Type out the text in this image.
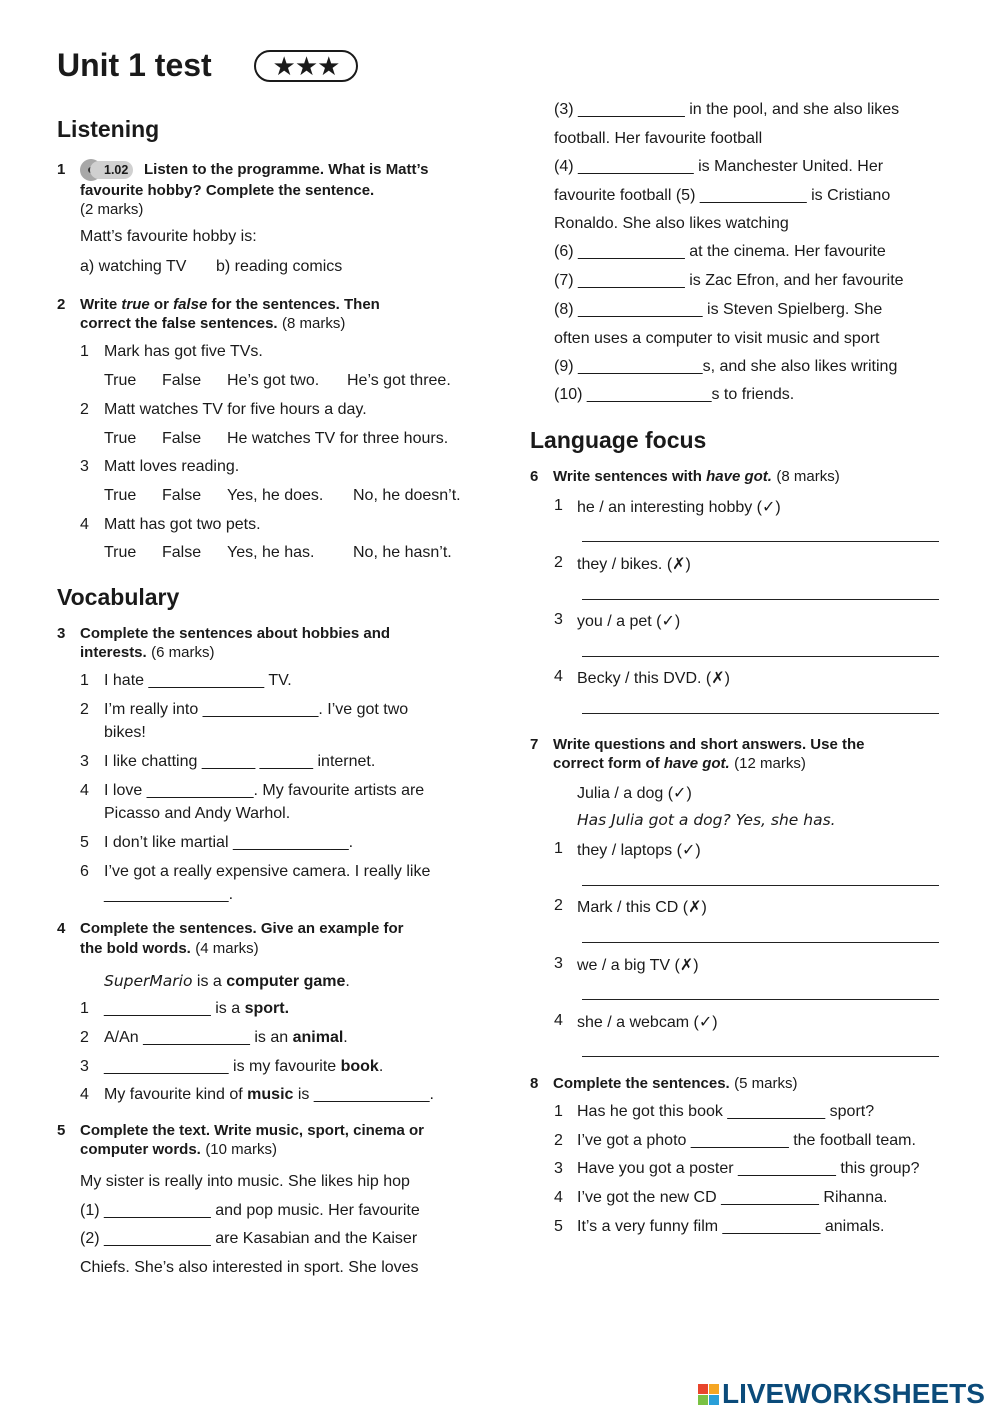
Unit 1 test	★★★
Listening
1	1.02	Listen to the programme. What is Matt’s
favourite hobby? Complete the sentence.
(2 marks)
Matt’s favourite hobby is:
a) watching TV b) reading comics
2 Write true or false for the sentences. Then
correct the false sentences. (8 marks)
1 Mark has got five TVs.
True False He’s got two. He’s got three.
2 Matt watches TV for five hours a day.
True False He watches TV for three hours.
3 Matt loves reading.
True False Yes, he does. No, he doesn’t.
4 Matt has got two pets.
True False Yes, he has. No, he hasn’t.
Vocabulary
3 Complete the sentences about hobbies and
interests. (6 marks)
1 I hate _____________ TV.
2 I’m really into _____________. I’ve got two
bikes!
3 I like chatting ______ ______ internet.
4 I love ____________. My favourite artists are
Picasso and Andy Warhol.
5 I don’t like martial _____________.
6 I’ve got a really expensive camera. I really like
______________.
4 Complete the sentences. Give an example for
the bold words. (4 marks)
SuperMario is a computer game.
1 ____________ is a sport.
2 A/An ____________ is an animal.
3 ______________ is my favourite book.
4 My favourite kind of music is _____________.
5 Complete the text. Write music, sport, cinema or
computer words. (10 marks)
My sister is really into music. She likes hip hop
(1) ____________ and pop music. Her favourite
(2) ____________ are Kasabian and the Kaiser
Chiefs. She’s also interested in sport. She loves
(3) ____________ in the pool, and she also likes
football. Her favourite football
(4) _____________ is Manchester United. Her
favourite football (5) ____________ is Cristiano
Ronaldo. She also likes watching
(6) ____________ at the cinema. Her favourite
(7) ____________ is Zac Efron, and her favourite
(8) ______________ is Steven Spielberg. She
often uses a computer to visit music and sport
(9) ______________s, and she also likes writing
(10) ______________s to friends.
Language focus
6 Write sentences with have got. (8 marks)
1 he / an interesting hobby (✓)
2 they / bikes. (✗)
3 you / a pet (✓)
4 Becky / this DVD. (✗)
7 Write questions and short answers. Use the
correct form of have got. (12 marks)
Julia / a dog (✓)
Has Julia got a dog? Yes, she has.
1 they / laptops (✓)
2 Mark / this CD (✗)
3 we / a big TV (✗)
4 she / a webcam (✓)
8 Complete the sentences. (5 marks)
1 Has he got this book ___________ sport?
2 I’ve got a photo ___________ the football team.
3 Have you got a poster ___________ this group?
4 I’ve got the new CD ___________ Rihanna.
5 It’s a very funny film ___________ animals.
LIVEWORKSHEETS
